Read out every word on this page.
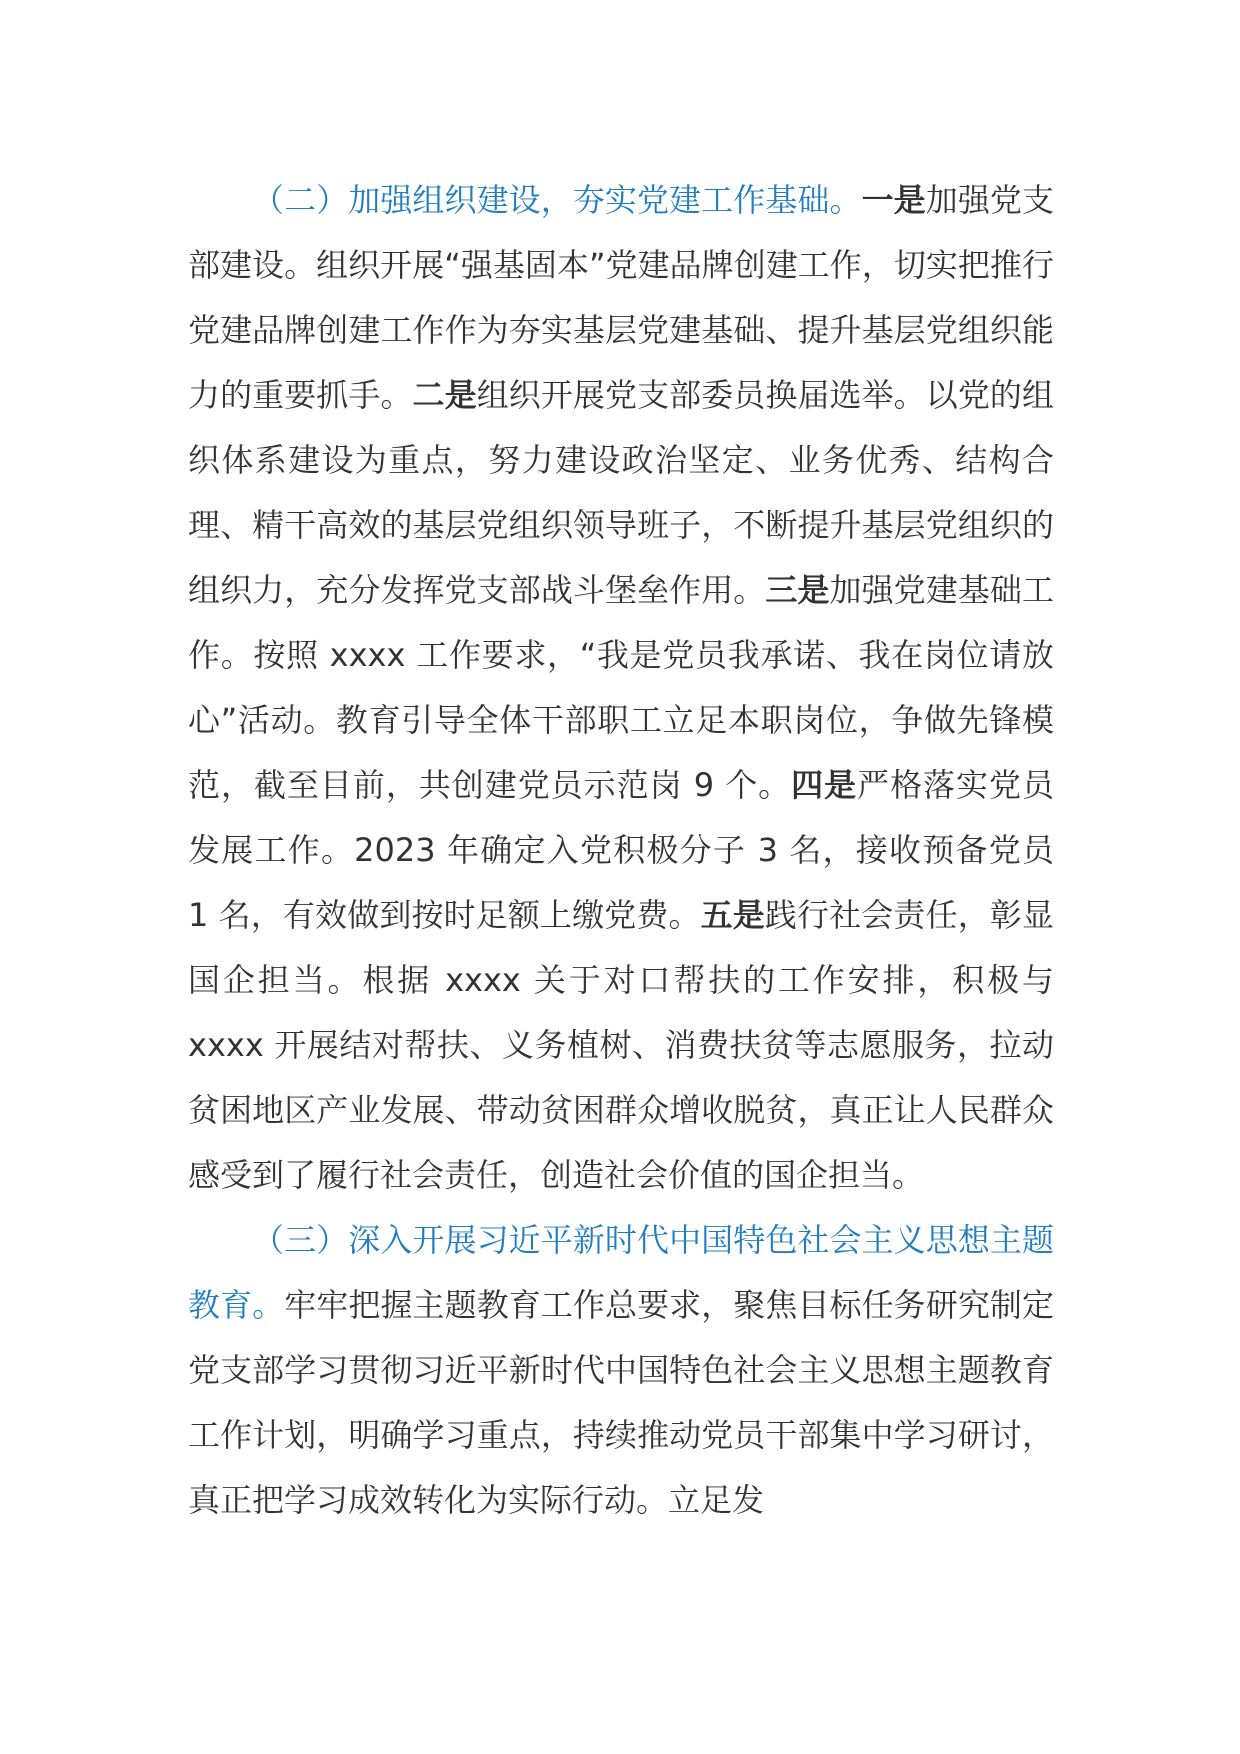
（二）加强组织建设，夯实党建工作基础。一是加强党支部建设。组织开展“强基固本”党建品牌创建工作，切实把推行党建品牌创建工作作为夯实基层党建基础、提升基层党组织能力的重要抓手。二是组织开展党支部委员换届选举。以党的组织体系建设为重点，努力建设政治坚定、业务优秀、结构合理、精干高效的基层党组织领导班子，不断提升基层党组织的组织力，充分发挥党支部战斗堡垒作用。三是加强党建基础工作。按照 xxxx 工作要求，“我是党员我承诺、我在岗位请放心”活动。教育引导全体干部职工立足本职岗位，争做先锋模范，截至目前，共创建党员示范岗 9 个。四是严格落实党员发展工作。2023 年确定入党积极分子 3 名，接收预备党员 1 名，有效做到按时足额上缴党费。五是践行社会责任，彰显国企担当。根据 xxxx 关于对口帮扶的工作安排，积极与 xxxx 开展结对帮扶、义务植树、消费扶贫等志愿服务，拉动贫困地区产业发展、带动贫困群众增收脱贫，真正让人民群众感受到了履行社会责任，创造社会价值的国企担当。

（三）深入开展习近平新时代中国特色社会主义思想主题教育。牢牢把握主题教育工作总要求，聚焦目标任务研究制定党支部学习贯彻习近平新时代中国特色社会主义思想主题教育工作计划，明确学习重点，持续推动党员干部集中学习研讨，真正把学习成效转化为实际行动。立足发
